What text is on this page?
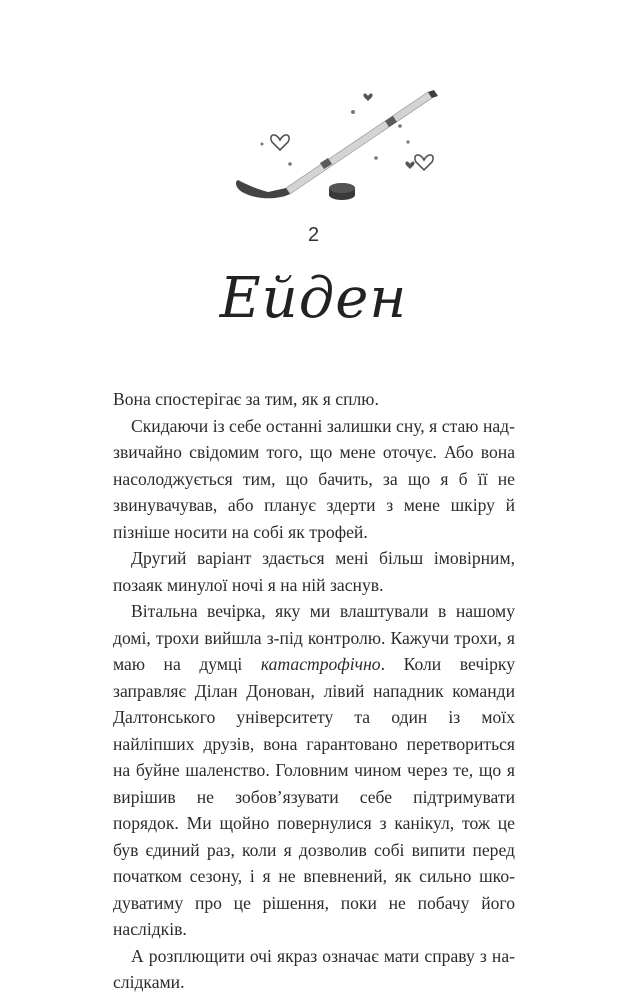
2
Ейден

Вона спостерігає за тим, як я сплю.

Скидаючи із себе останні залишки сну, я стаю надзвичайно свідомим того, що мене оточує. Або вона насолоджується тим, що бачить, за що я б її не звинувачував, або планує здерти з мене шкіру й пізніше носити на собі як трофей.

Другий варіант здається мені більш імовірним, позаяк минулої ночі я на ній заснув.

Вітальна вечірка, яку ми влаштували в нашому домі, трохи вийшла з-під контролю. Кажучи трохи, я маю на думці катастрофічно. Коли вечірку заправляє Ділан Донован, лівий нападник команди Далтонського університету та один із моїх найліпших друзів, вона гарантовано перетвориться на буйне шаленство. Головним чином через те, що я вирішив не зобов’язувати себе підтримувати порядок. Ми щойно повернулися з канікул, тож це був єдиний раз, коли я дозволив собі випити перед початком сезону, і я не впевнений, як сильно шкодуватиму про це рішення, поки не побачу його наслідків.

А розплющити очі якраз означає мати справу з наслідками.
